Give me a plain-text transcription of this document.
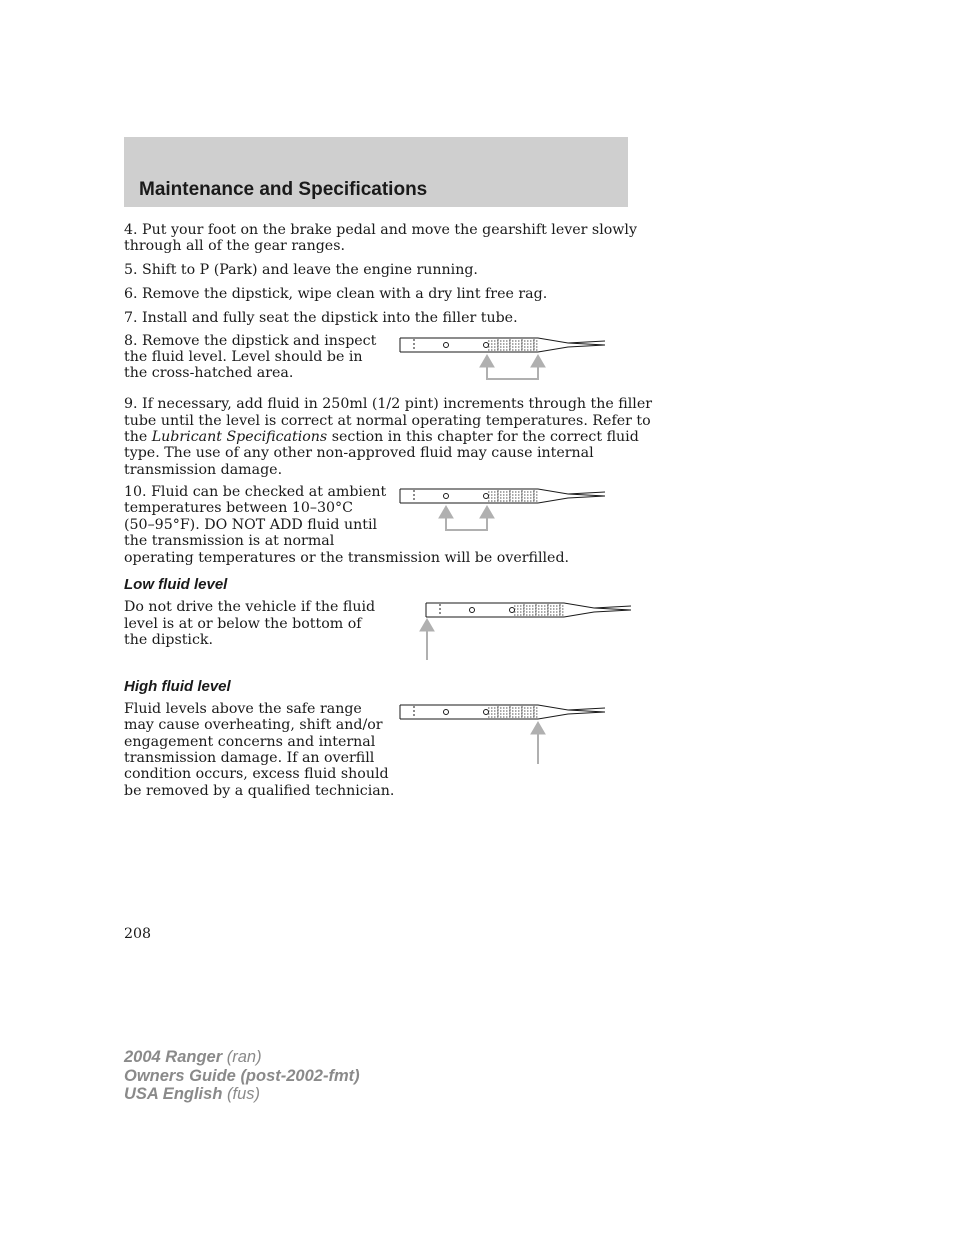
Maintenance and Specifications
4. Put your foot on the brake pedal and move the gearshift lever slowly
through all of the gear ranges.
5. Shift to P (Park) and leave the engine running.
6. Remove the dipstick, wipe clean with a dry lint free rag.
7. Install and fully seat the dipstick into the filler tube.
8. Remove the dipstick and inspect
the fluid level. Level should be in
the cross-hatched area.
9. If necessary, add fluid in 250ml (1/2 pint) increments through the filler
tube until the level is correct at normal operating temperatures. Refer to
the Lubricant Specifications section in this chapter for the correct fluid
type. The use of any other non-approved fluid may cause internal
transmission damage.
10. Fluid can be checked at ambient
temperatures between 10–30°C
(50–95°F). DO NOT ADD fluid until
the transmission is at normal
operating temperatures or the transmission will be overfilled.
Low fluid level
Do not drive the vehicle if the fluid
level is at or below the bottom of
the dipstick.
High fluid level
Fluid levels above the safe range
may cause overheating, shift and/or
engagement concerns and internal
transmission damage. If an overfill
condition occurs, excess fluid should
be removed by a qualified technician.
208
2004 Ranger (ran)
Owners Guide (post-2002-fmt)
USA English (fus)
